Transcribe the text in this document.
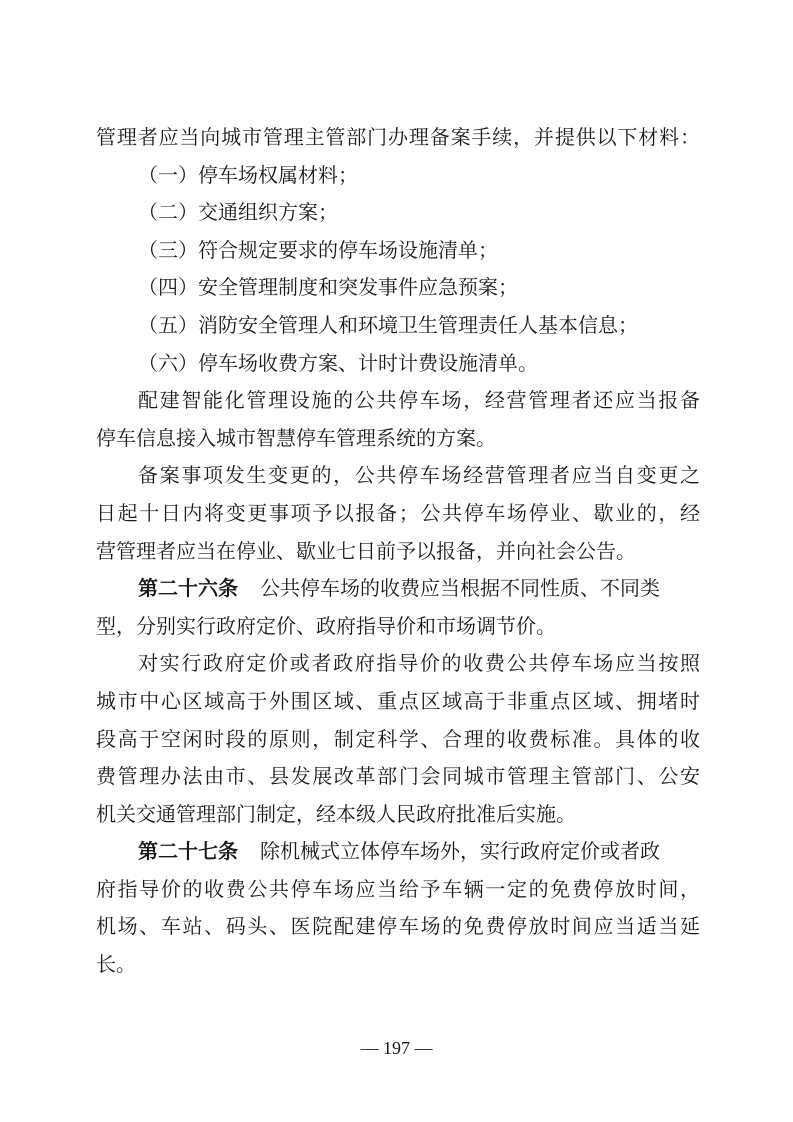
管理者应当向城市管理主管部门办理备案手续，并提供以下材料：
（一）停车场权属材料；
（二）交通组织方案；
（三）符合规定要求的停车场设施清单；
（四）安全管理制度和突发事件应急预案；
（五）消防安全管理人和环境卫生管理责任人基本信息；
（六）停车场收费方案、计时计费设施清单。
配建智能化管理设施的公共停车场，经营管理者还应当报备
停车信息接入城市智慧停车管理系统的方案。
备案事项发生变更的，公共停车场经营管理者应当自变更之
日起十日内将变更事项予以报备；公共停车场停业、歇业的，经
营管理者应当在停业、歇业七日前予以报备，并向社会公告。
第二十六条 公共停车场的收费应当根据不同性质、不同类
型，分别实行政府定价、政府指导价和市场调节价。
对实行政府定价或者政府指导价的收费公共停车场应当按照
城市中心区域高于外围区域、重点区域高于非重点区域、拥堵时
段高于空闲时段的原则，制定科学、合理的收费标准。具体的收
费管理办法由市、县发展改革部门会同城市管理主管部门、公安
机关交通管理部门制定，经本级人民政府批准后实施。
第二十七条 除机械式立体停车场外，实行政府定价或者政
府指导价的收费公共停车场应当给予车辆一定的免费停放时间，
机场、车站、码头、医院配建停车场的免费停放时间应当适当延
长。
— 197 —
